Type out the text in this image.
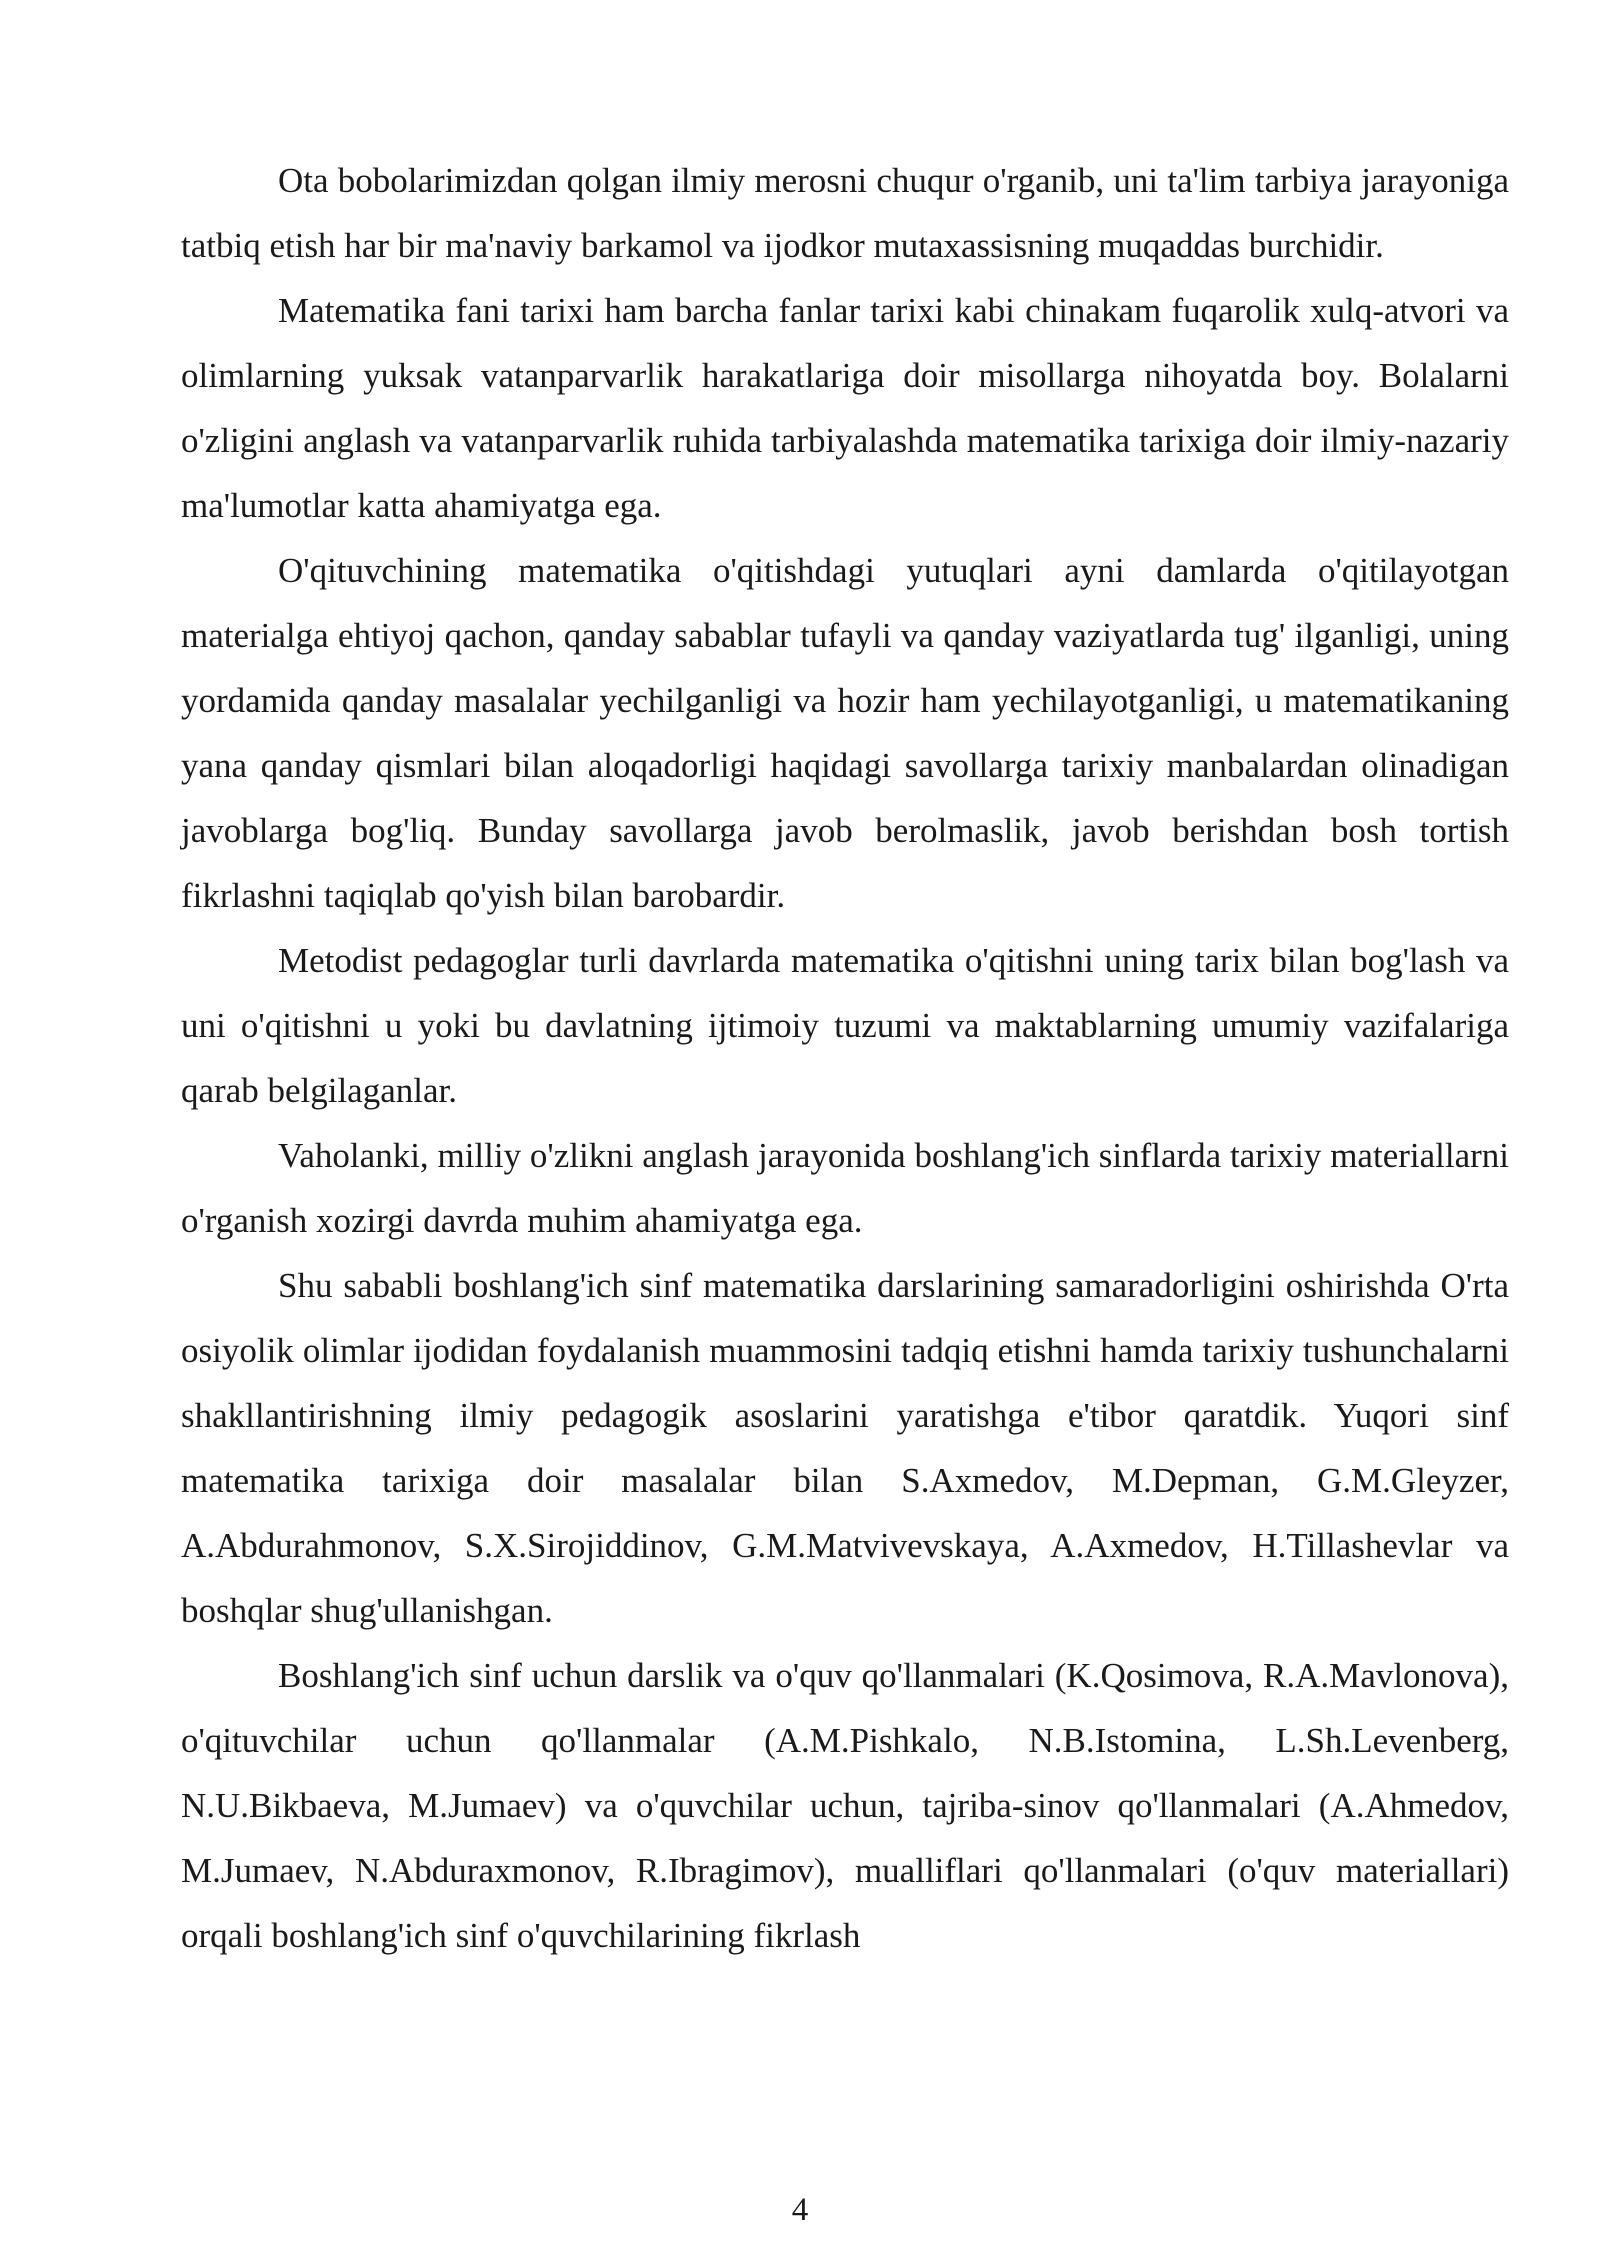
Ota bobolarimizdan qolgan ilmiy merosni chuqur o'rganib, uni ta'lim tarbiya jarayoniga tatbiq etish har bir ma'naviy barkamol va ijodkor mutaxassisning muqaddas burchidir.

Matematika fani tarixi ham barcha fanlar tarixi kabi chinakam fuqarolik xulq-atvori va olimlarning yuksak vatanparvarlik harakatlariga doir misollarga nihoyatda boy. Bolalarni o'zligini anglash va vatanparvarlik ruhida tarbiyalashda matematika tarixiga doir ilmiy-nazariy ma'lumotlar katta ahamiyatga ega.

O'qituvchining matematika o'qitishdagi yutuqlari ayni damlarda o'qitilayotgan materialga ehtiyoj qachon, qanday sabablar tufayli va qanday vaziyatlarda tug' ilganligi, uning yordamida qanday masalalar yechilganligi va hozir ham yechilayotganligi, u matematikaning yana qanday qismlari bilan aloqadorligi haqidagi savollarga tarixiy manbalardan olinadigan javoblarga bog'liq. Bunday savollarga javob berolmaslik, javob berishdan bosh tortish fikrlashni taqiqlab qo'yish bilan barobardir.

Metodist pedagoglar turli davrlarda matematika o'qitishni uning tarix bilan bog'lash va uni o'qitishni u yoki bu davlatning ijtimoiy tuzumi va maktablarning umumiy vazifalariga qarab belgilaganlar.

Vaholanki, milliy o'zlikni anglash jarayonida boshlang'ich sinflarda tarixiy materiallarni o'rganish xozirgi davrda muhim ahamiyatga ega.

Shu sababli boshlang'ich sinf matematika darslarining samaradorligini oshirishda O'rta osiyolik olimlar ijodidan foydalanish muammosini tadqiq etishni hamda tarixiy tushunchalarni shakllantirishning ilmiy pedagogik asoslarini yaratishga e'tibor qaratdik. Yuqori sinf matematika tarixiga doir masalalar bilan S.Axmedov, M.Depman, G.M.Gleyzer, A.Abdurahmonov, S.X.Sirojiddinov, G.M.Matvivevskaya, A.Axmedov, H.Tillashevlar va boshqlar shug'ullanishgan.

Boshlang'ich sinf uchun darslik va o'quv qo'llanmalari (K.Qosimova, R.A.Mavlonova), o'qituvchilar uchun qo'llanmalar (A.M.Pishkalo, N.B.Istomina, L.Sh.Levenberg, N.U.Bikbaeva, M.Jumaev) va o'quvchilar uchun, tajriba-sinov qo'llanmalari (A.Ahmedov, M.Jumaev, N.Abduraxmonov, R.Ibragimov), mualliflari qo'llanmalari (o'quv materiallari) orqali boshlang'ich sinf o'quvchilarining fikrlash

4
